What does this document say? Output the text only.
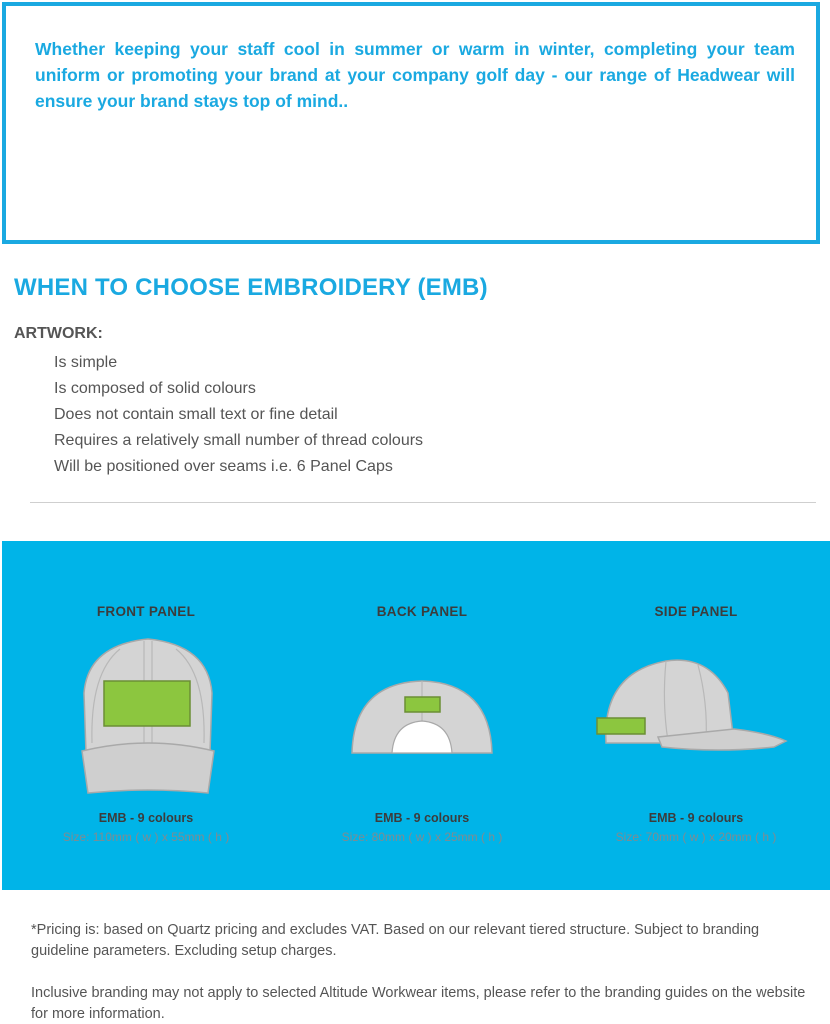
Whether keeping your staff cool in summer or warm in winter, completing your team uniform or promoting your brand at your company golf day - our range of Headwear will ensure your brand stays top of mind..

WHEN TO CHOOSE EMBROIDERY (EMB)
ARTWORK:
Is simple
Is composed of solid colours
Does not contain small text or fine detail
Requires a relatively small number of thread colours
Will be positioned over seams i.e. 6 Panel Caps
FRONT PANEL
EMB - 9 colours
Size: 110mm ( w ) x 55mm ( h )
BACK PANEL
EMB - 9 colours
Size: 80mm ( w ) x 25mm ( h )
SIDE PANEL
EMB - 9 colours
Size: 70mm ( w ) x 20mm ( h )

*Pricing is: based on Quartz pricing and excludes VAT. Based on our relevant tiered structure. Subject to branding guideline parameters. Excluding setup charges.

Inclusive branding may not apply to selected Altitude Workwear items, please refer to the branding guides on the website for more information.
